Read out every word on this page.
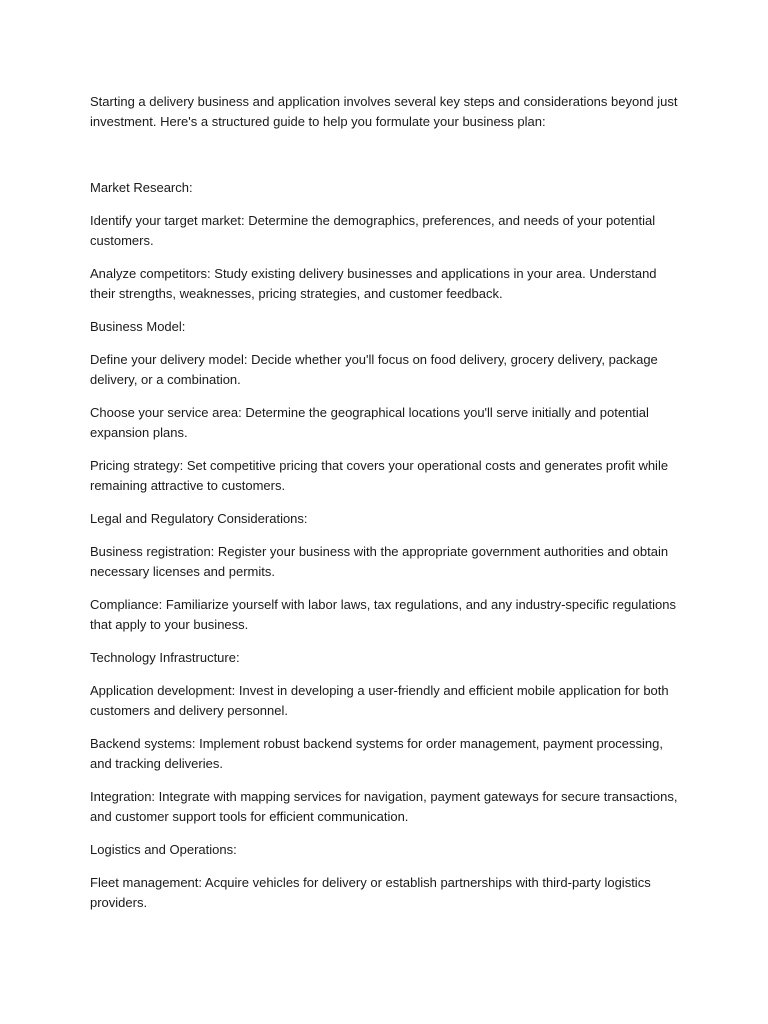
Starting a delivery business and application involves several key steps and considerations beyond just investment. Here's a structured guide to help you formulate your business plan:

Market Research:

Identify your target market: Determine the demographics, preferences, and needs of your potential customers.

Analyze competitors: Study existing delivery businesses and applications in your area. Understand their strengths, weaknesses, pricing strategies, and customer feedback.

Business Model:

Define your delivery model: Decide whether you'll focus on food delivery, grocery delivery, package delivery, or a combination.

Choose your service area: Determine the geographical locations you'll serve initially and potential expansion plans.

Pricing strategy: Set competitive pricing that covers your operational costs and generates profit while remaining attractive to customers.

Legal and Regulatory Considerations:

Business registration: Register your business with the appropriate government authorities and obtain necessary licenses and permits.

Compliance: Familiarize yourself with labor laws, tax regulations, and any industry-specific regulations that apply to your business.

Technology Infrastructure:

Application development: Invest in developing a user-friendly and efficient mobile application for both customers and delivery personnel.

Backend systems: Implement robust backend systems for order management, payment processing, and tracking deliveries.

Integration: Integrate with mapping services for navigation, payment gateways for secure transactions, and customer support tools for efficient communication.

Logistics and Operations:

Fleet management: Acquire vehicles for delivery or establish partnerships with third-party logistics providers.
